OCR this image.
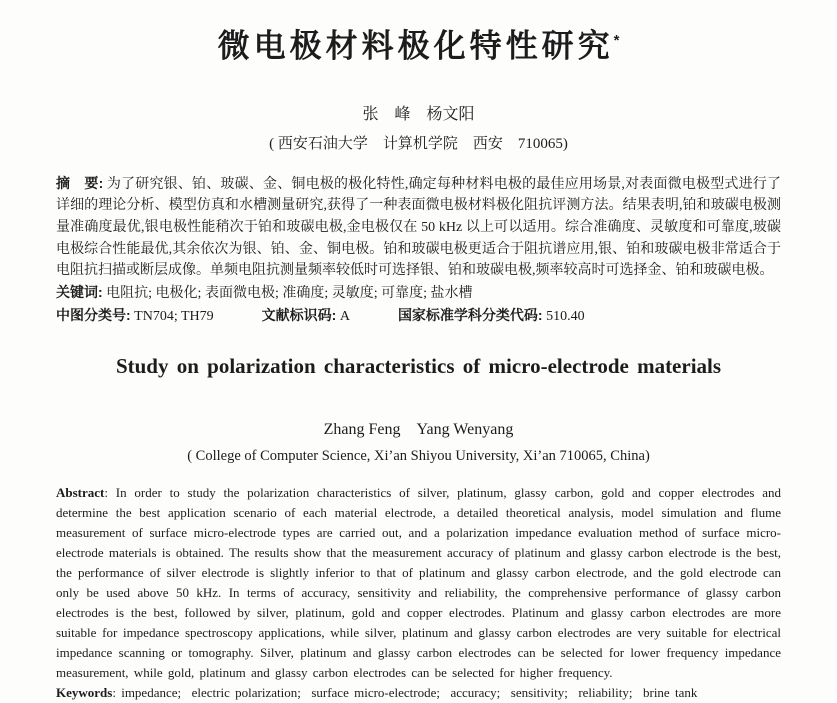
微电极材料极化特性研究*
张　峰　杨文阳
( 西安石油大学　计算机学院　西安　710065)

摘　要: 为了研究银、铂、玻碳、金、铜电极的极化特性,确定每种材料电极的最佳应用场景,对表面微电极型式进行了详细的理论分析、模型仿真和水槽测量研究,获得了一种表面微电极材料极化阻抗评测方法。结果表明,铂和玻碳电极测量准确度最优,银电极性能稍次于铂和玻碳电极,金电极仅在 50 kHz 以上可以适用。综合准确度、灵敏度和可靠度,玻碳电极综合性能最优,其余依次为银、铂、金、铜电极。铂和玻碳电极更适合于阻抗谱应用,银、铂和玻碳电极非常适合于电阻抗扫描或断层成像。单频电阻抗测量频率较低时可选择银、铂和玻碳电极,频率较高时可选择金、铂和玻碳电极。

关键词: 电阻抗; 电极化; 表面微电极; 准确度; 灵敏度; 可靠度; 盐水槽

中图分类号: TN704; TH79	文献标识码: A	国家标准学科分类代码: 510.40

Study on polarization characteristics of micro-electrode materials
Zhang Feng　Yang Wenyang
( College of Computer Science, Xi’an Shiyou University, Xi’an 710065, China)

Abstract: In order to study the polarization characteristics of silver, platinum, glassy carbon, gold and copper electrodes and determine the best application scenario of each material electrode, a detailed theoretical analysis, model simulation and flume measurement of surface micro-electrode types are carried out, and a polarization impedance evaluation method of surface micro-electrode materials is obtained. The results show that the measurement accuracy of platinum and glassy carbon electrode is the best, the performance of silver electrode is slightly inferior to that of platinum and glassy carbon electrode, and the gold electrode can only be used above 50 kHz. In terms of accuracy, sensitivity and reliability, the comprehensive performance of glassy carbon electrodes is the best, followed by silver, platinum, gold and copper electrodes. Platinum and glassy carbon electrodes are more suitable for impedance spectroscopy applications, while silver, platinum and glassy carbon electrodes are very suitable for electrical impedance scanning or tomography. Silver, platinum and glassy carbon electrodes can be selected for lower frequency impedance measurement, while gold, platinum and glassy carbon electrodes can be selected for higher frequency.

Keywords: impedance;  electric polarization;  surface micro-electrode;  accuracy;  sensitivity;  reliability;  brine tank
